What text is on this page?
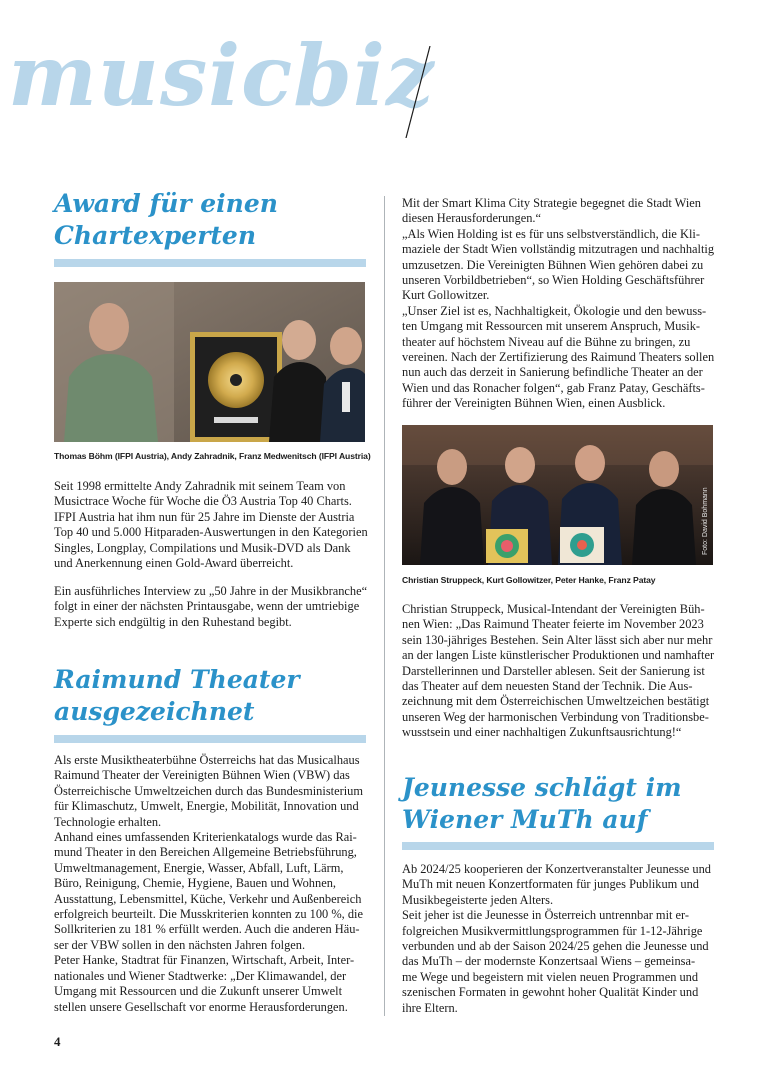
musicbiz
Award für einen
Chartexperten
Thomas Böhm (IFPI Austria), Andy Zahradnik, Franz Medwenitsch (IFPI Austria)

Seit 1998 ermittelte Andy Zahradnik mit seinem Team von
Musictrace Woche für Woche die Ö3 Austria Top 40 Charts.
IFPI Austria hat ihm nun für 25 Jahre im Dienste der Austria
Top 40 und 5.000 Hitparaden-Auswertungen in den Kategorien
Singles, Longplay, Compilations und Musik-DVD als Dank
und Anerkennung einen Gold-Award überreicht.

Ein ausführliches Interview zu „50 Jahre in der Musikbranche“
folgt in einer der nächsten Printausgabe, wenn der umtriebige
Experte sich endgültig in den Ruhestand begibt.

Raimund Theater
ausgezeichnet

Als erste Musiktheaterbühne Österreichs hat das Musicalhaus
Raimund Theater der Vereinigten Bühnen Wien (VBW) das
Österreichische Umweltzeichen durch das Bundesministerium
für Klimaschutz, Umwelt, Energie, Mobilität, Innovation und
Technologie erhalten.
Anhand eines umfassenden Kriterienkatalogs wurde das Rai-
mund Theater in den Bereichen Allgemeine Betriebsführung,
Umweltmanagement, Energie, Wasser, Abfall, Luft, Lärm,
Büro, Reinigung, Chemie, Hygiene, Bauen und Wohnen,
Ausstattung, Lebensmittel, Küche, Verkehr und Außenbereich
erfolgreich beurteilt. Die Musskriterien konnten zu 100 %, die
Sollkriterien zu 181 % erfüllt werden. Auch die anderen Häu-
ser der VBW sollen in den nächsten Jahren folgen.
Peter Hanke, Stadtrat für Finanzen, Wirtschaft, Arbeit, Inter-
nationales und Wiener Stadtwerke: „Der Klimawandel, der
Umgang mit Ressourcen und die Zukunft unserer Umwelt
stellen unsere Gesellschaft vor enorme Herausforderungen.

Mit der Smart Klima City Strategie begegnet die Stadt Wien
diesen Herausforderungen.“
„Als Wien Holding ist es für uns selbstverständlich, die Kli-
maziele der Stadt Wien vollständig mitzutragen und nachhaltig
umzusetzen. Die Vereinigten Bühnen Wien gehören dabei zu
unseren Vorbildbetrieben“, so Wien Holding Geschäftsführer
Kurt Gollowitzer.
„Unser Ziel ist es, Nachhaltigkeit, Ökologie und den bewuss-
ten Umgang mit Ressourcen mit unserem Anspruch, Musik-
theater auf höchstem Niveau auf die Bühne zu bringen, zu
vereinen. Nach der Zertifizierung des Raimund Theaters sollen
nun auch das derzeit in Sanierung befindliche Theater an der
Wien und das Ronacher folgen“, gab Franz Patay, Geschäfts-
führer der Vereinigten Bühnen Wien, einen Ausblick.

Foto: David Bohmann
Christian Struppeck, Kurt Gollowitzer, Peter Hanke, Franz Patay

Christian Struppeck, Musical-Intendant der Vereinigten Büh-
nen Wien: „Das Raimund Theater feierte im November 2023
sein 130-jähriges Bestehen. Sein Alter lässt sich aber nur mehr
an der langen Liste künstlerischer Produktionen und namhafter
Darstellerinnen und Darsteller ablesen. Seit der Sanierung ist
das Theater auf dem neuesten Stand der Technik. Die Aus-
zeichnung mit dem Österreichischen Umweltzeichen bestätigt
unseren Weg der harmonischen Verbindung von Traditionsbe-
wusstsein und einer nachhaltigen Zukunftsausrichtung!“

Jeunesse schlägt im
Wiener MuTh auf

Ab 2024/25 kooperieren der Konzertveranstalter Jeunesse und
MuTh mit neuen Konzertformaten für junges Publikum und
Musikbegeisterte jeden Alters.
Seit jeher ist die Jeunesse in Österreich untrennbar mit er-
folgreichen Musikvermittlungsprogrammen für 1-12-Jährige
verbunden und ab der Saison 2024/25 gehen die Jeunesse und
das MuTh – der modernste Konzertsaal Wiens – gemeinsa-
me Wege und begeistern mit vielen neuen Programmen und
szenischen Formaten in gewohnt hoher Qualität Kinder und
ihre Eltern.

4
